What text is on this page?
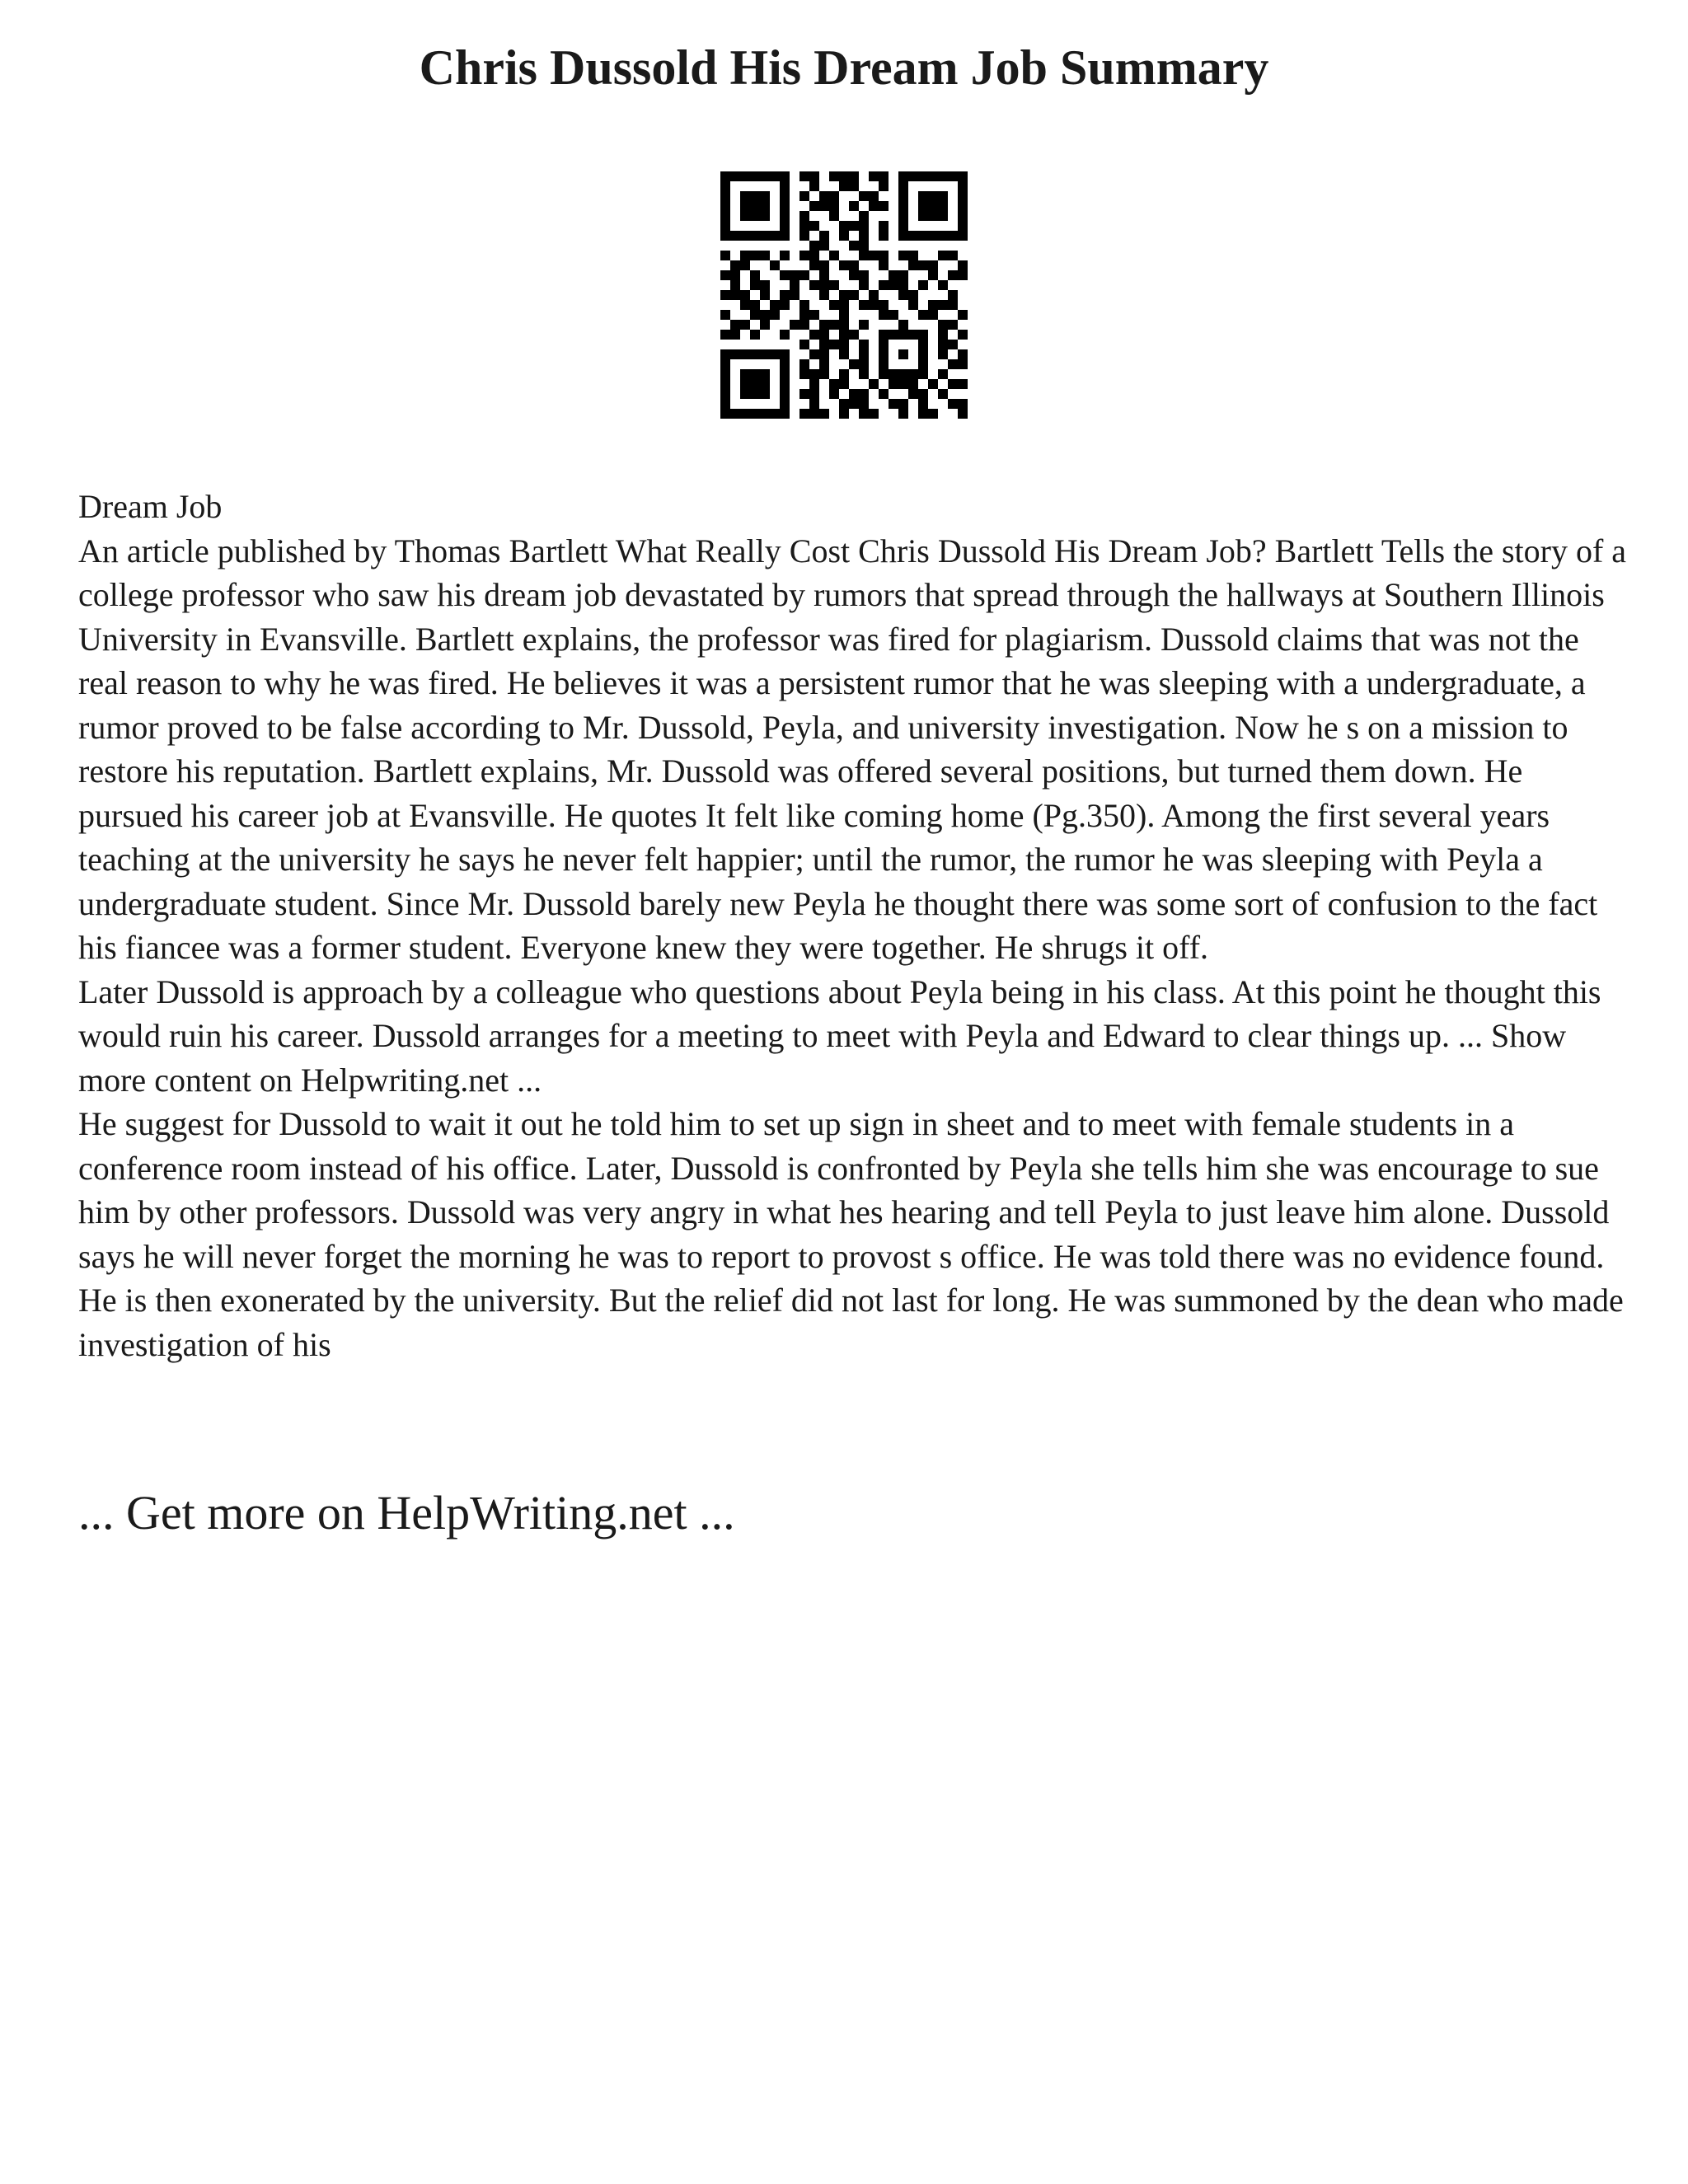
Chris Dussold His Dream Job Summary

Dream Job

An article published by Thomas Bartlett What Really Cost Chris Dussold His Dream Job? Bartlett Tells the story of a college professor who saw his dream job devastated by rumors that spread through the hallways at Southern Illinois University in Evansville. Bartlett explains, the professor was fired for plagiarism. Dussold claims that was not the real reason to why he was fired. He believes it was a persistent rumor that he was sleeping with a undergraduate, a rumor proved to be false according to Mr. Dussold, Peyla, and university investigation. Now he s on a mission to restore his reputation. Bartlett explains, Mr. Dussold was offered several positions, but turned them down. He pursued his career job at Evansville. He quotes It felt like coming home (Pg.350). Among the first several years teaching at the university he says he never felt happier; until the rumor, the rumor he was sleeping with Peyla a undergraduate student. Since Mr. Dussold barely new Peyla he thought there was some sort of confusion to the fact his fiancee was a former student. Everyone knew they were together. He shrugs it off.

Later Dussold is approach by a colleague who questions about Peyla being in his class. At this point he thought this would ruin his career. Dussold arranges for a meeting to meet with Peyla and Edward to clear things up. ... Show more content on Helpwriting.net ...

He suggest for Dussold to wait it out he told him to set up sign in sheet and to meet with female students in a conference room instead of his office. Later, Dussold is confronted by Peyla she tells him she was encourage to sue him by other professors. Dussold was very angry in what hes hearing and tell Peyla to just leave him alone. Dussold says he will never forget the morning he was to report to provost s office. He was told there was no evidence found. He is then exonerated by the university. But the relief did not last for long. He was summoned by the dean who made investigation of his

... Get more on HelpWriting.net ...
